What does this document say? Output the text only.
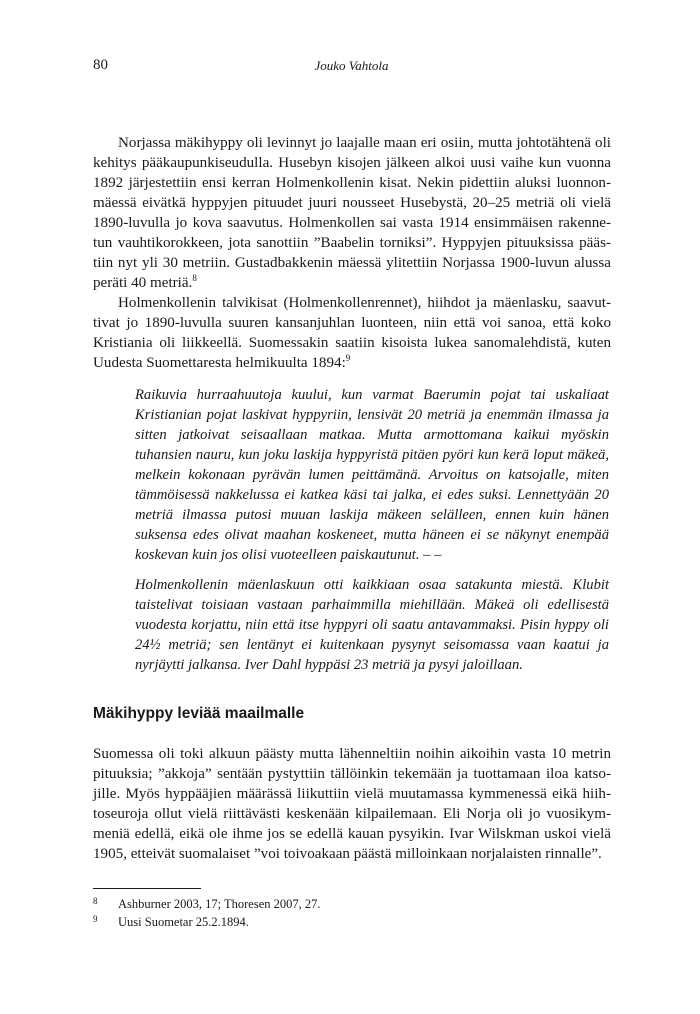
80	Jouko Vahtola

Norjassa mäkihyppy oli levinnyt jo laajalle maan eri osiin, mutta johtotähtenä oli kehitys pääkaupunkiseudulla. Husebyn kisojen jälkeen alkoi uusi vaihe kun vuonna 1892 järjestettiin ensi kerran Holmenkollenin kisat. Nekin pidettiin aluksi luonnonmäessä eivätkä hyppyjen pituudet juuri nousseet Husebystä, 20–25 metriä oli vielä 1890-luvulla jo kova saavutus. Holmenkollen sai vasta 1914 ensimmäisen rakennetun vauhtikorokkeen, jota sanottiin ”Baabelin torniksi”. Hyppyjen pituuksissa päästiin nyt yli 30 metriin. Gustadbakkenin mäessä ylitettiin Norjassa 1900-luvun alussa peräti 40 metriä.$^8$

Holmenkollenin talvikisat (Holmenkollenrennet), hiihdot ja mäenlasku, saavuttivat jo 1890-luvulla suuren kansanjuhlan luonteen, niin että voi sanoa, että koko Kristiania oli liikkeellä. Suomessakin saatiin kisoista lukea sanomalehdistä, kuten Uudesta Suomettaresta helmikuulta 1894:$^9$

Raikuvia hurraahuutoja kuului, kun varmat Baerumin pojat tai uskaliaat Kristianian pojat laskivat hyppyriin, lensivät 20 metriä ja enemmän ilmassa ja sitten jatkoivat seisaallaan matkaa. Mutta armottomana kaikui myöskin tuhansien nauru, kun joku laskija hyppyristä pitäen pyöri kun kerä loput mäkeä, melkein kokonaan pyrävän lumen peittämänä. Arvoitus on katsojalle, miten tämmöisessä nakkelussa ei katkea käsi tai jalka, ei edes suksi. Lennettyään 20 metriä ilmassa putosi muuan laskija mäkeen selälleen, ennen kuin hänen suksensa edes olivat maahan koskeneet, mutta häneen ei se näkynyt enempää koskevan kuin jos olisi vuoteelleen paiskautunut. – –

Holmenkollenin mäenlaskuun otti kaikkiaan osaa satakunta miestä. Klubit taistelivat toisiaan vastaan parhaimmilla miehillään. Mäkeä oli edellisestä vuodesta korjattu, niin että itse hyppyri oli saatu antavammaksi. Pisin hyppy oli 24½ metriä; sen lentänyt ei kuitenkaan pysynyt seisomassa vaan kaatui ja nyrjäytti jalkansa. Iver Dahl hyppäsi 23 metriä ja pysyi jaloillaan.

Mäkihyppy leviää maailmalle

Suomessa oli toki alkuun päästy mutta lähenneltiin noihin aikoihin vasta 10 metrin pituuksia; ”akkoja” sentään pystyttiin tällöinkin tekemään ja tuottamaan iloa katsojille. Myös hyppääjien määrässä liikuttiin vielä muutamassa kymmenessä eikä hiihtoseuroja ollut vielä riittävästi keskenään kilpailemaan. Eli Norja oli jo vuosikymmeniä edellä, eikä ole ihme jos se edellä kauan pysyikin. Ivar Wilskman uskoi vielä 1905, etteivät suomalaiset ”voi toivoakaan päästä milloinkaan norjalaisten rinnalle”.

8 Ashburner 2003, 17; Thoresen 2007, 27.
9 Uusi Suometar 25.2.1894.
